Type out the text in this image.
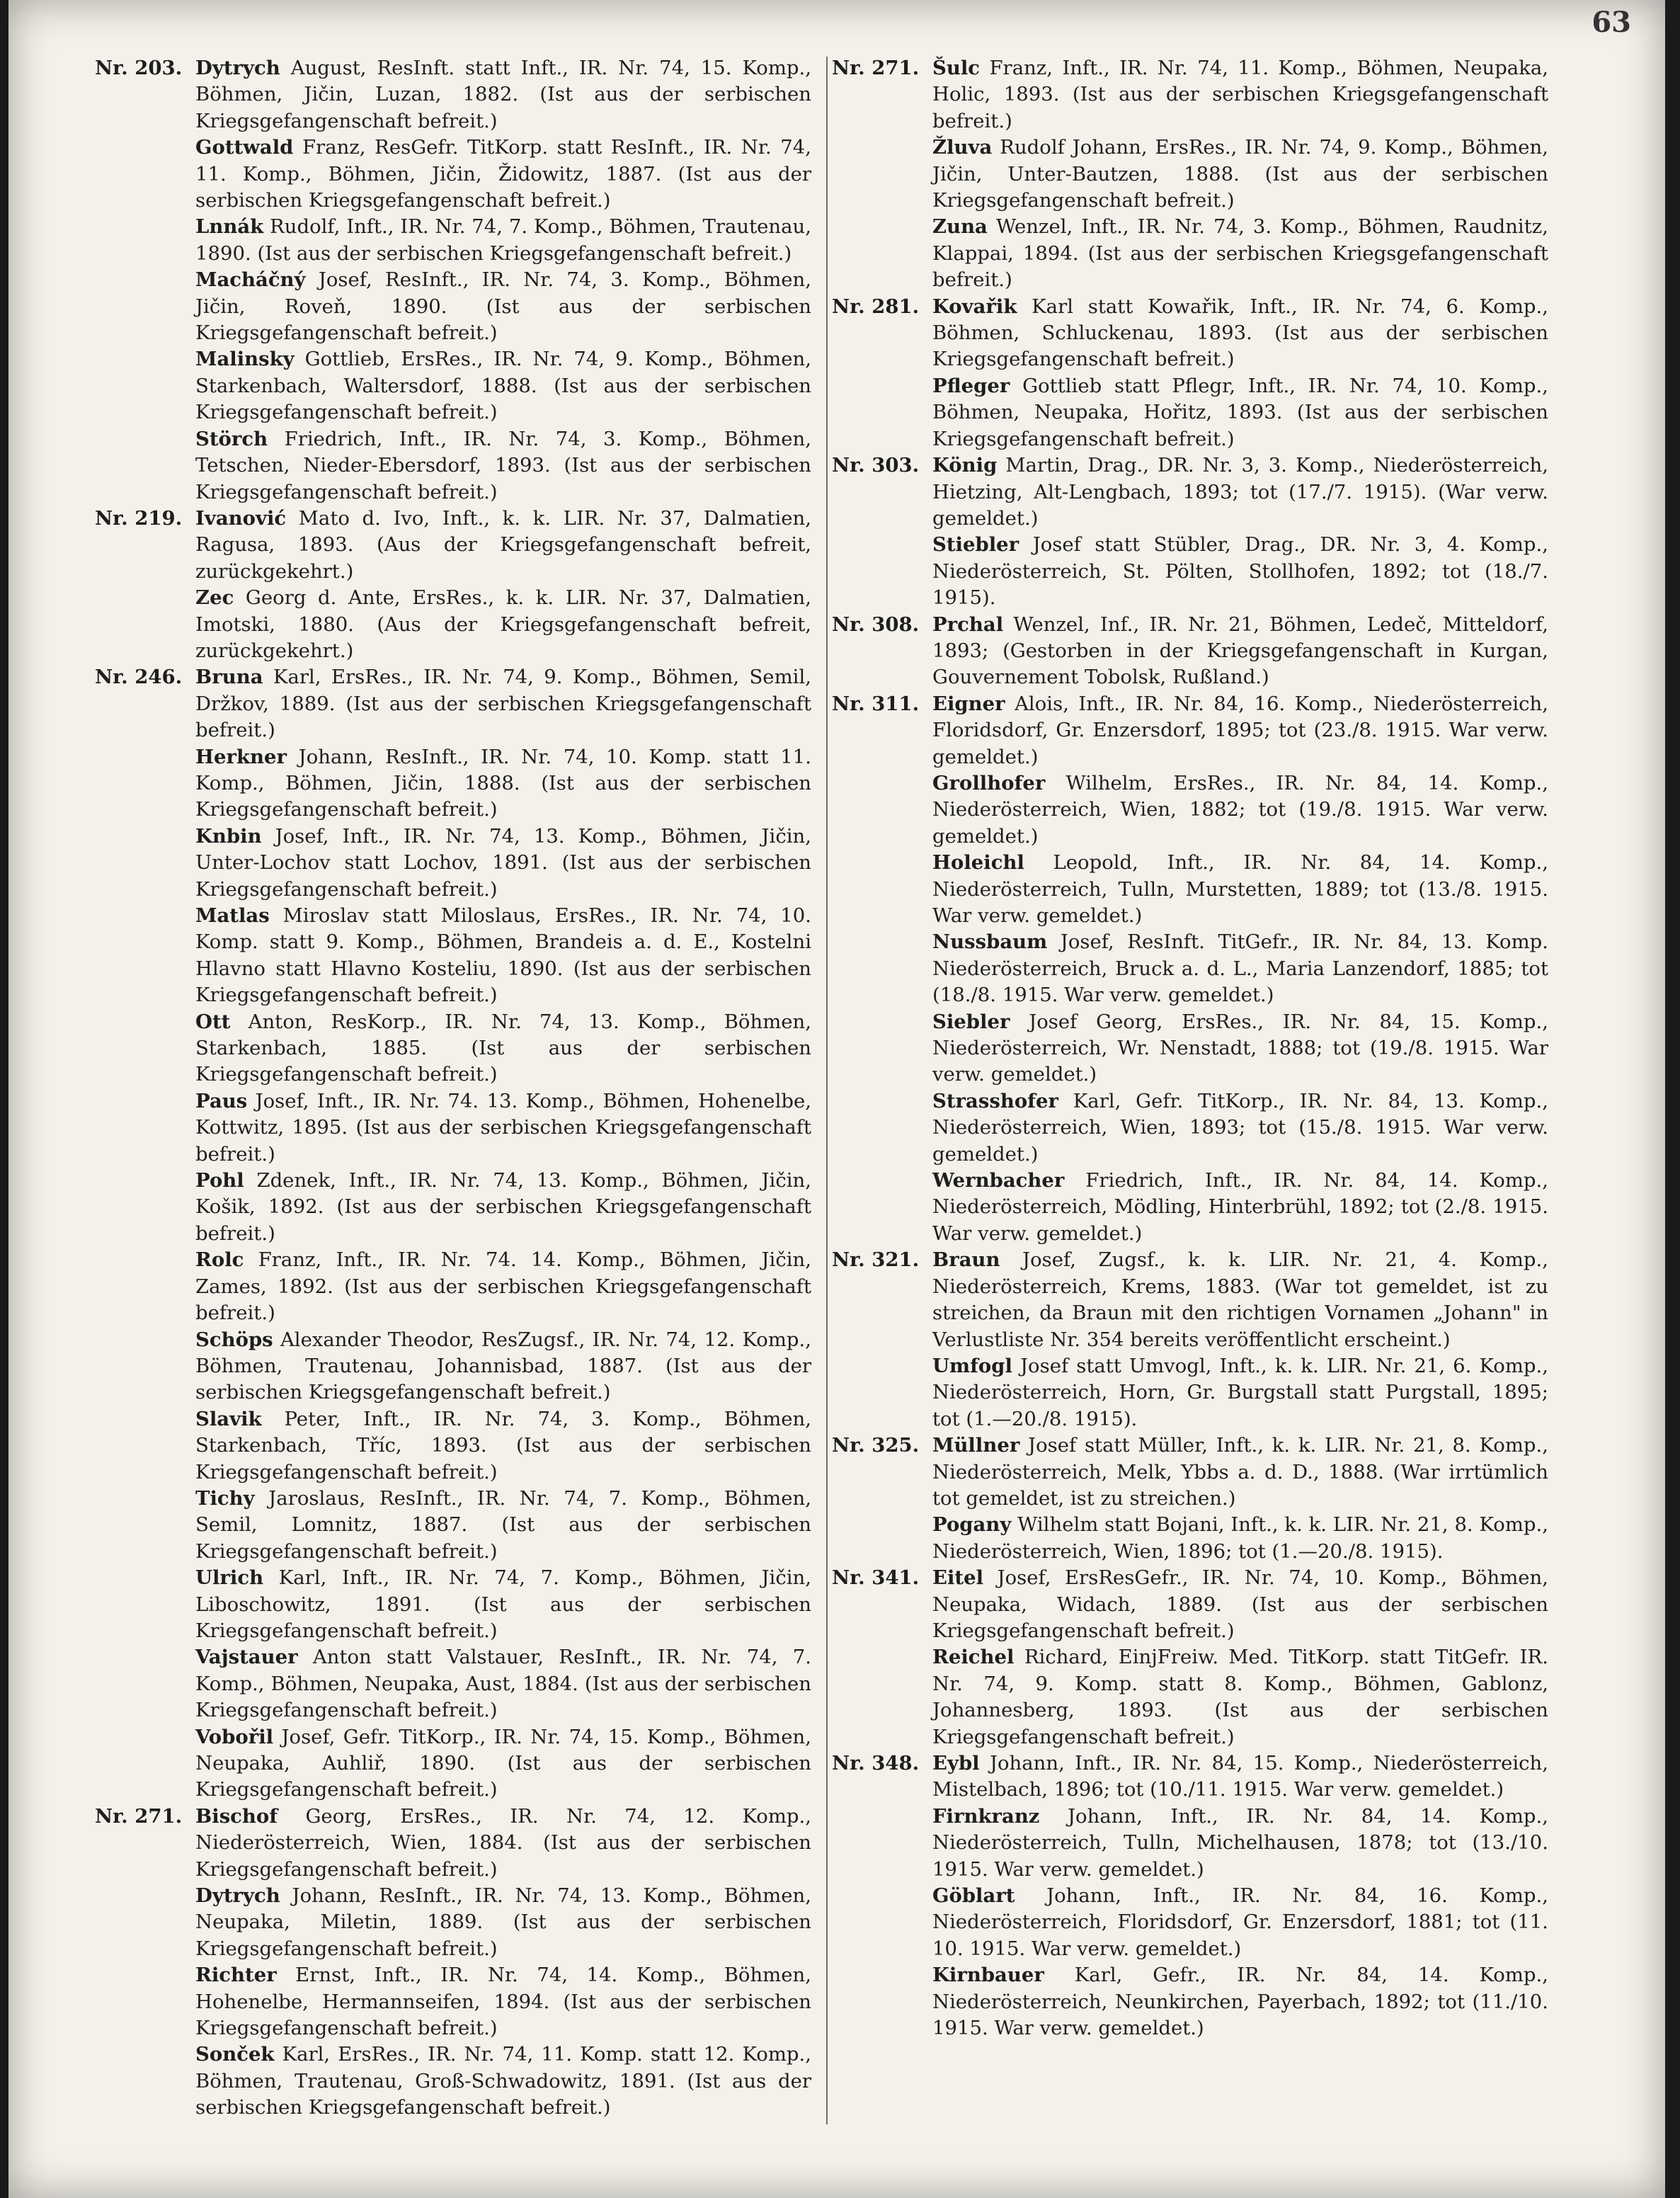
63
Nr. 203. Dytrych August, ResInft. statt Inft., IR. Nr. 74, 15. Komp., Böhmen, Jičin, Luzan, 1882. (Ist aus der serbischen Kriegsgefangenschaft befreit.)

Gottwald Franz, ResGefr. TitKorp. statt ResInft., IR. Nr. 74, 11. Komp., Böhmen, Jičin, Židowitz, 1887. (Ist aus der serbischen Kriegsgefangenschaft befreit.)

Lnnák Rudolf, Inft., IR. Nr. 74, 7. Komp., Böhmen, Trautenau, 1890. (Ist aus der serbischen Kriegsgefangenschaft befreit.)

Macháčný Josef, ResInft., IR. Nr. 74, 3. Komp., Böhmen, Jičin, Roveň, 1890. (Ist aus der serbischen Kriegsgefangenschaft befreit.)

Malinsky Gottlieb, ErsRes., IR. Nr. 74, 9. Komp., Böhmen, Starkenbach, Waltersdorf, 1888. (Ist aus der serbischen Kriegsgefangenschaft befreit.)

Störch Friedrich, Inft., IR. Nr. 74, 3. Komp., Böhmen, Tetschen, Nieder-Ebersdorf, 1893. (Ist aus der serbischen Kriegsgefangenschaft befreit.)

Nr. 219. Ivanović Mato d. Ivo, Inft., k. k. LIR. Nr. 37, Dalmatien, Ragusa, 1893. (Aus der Kriegsgefangenschaft befreit, zurückgekehrt.)

Zec Georg d. Ante, ErsRes., k. k. LIR. Nr. 37, Dalmatien, Imotski, 1880. (Aus der Kriegsgefangenschaft befreit, zurückgekehrt.)

Nr. 246. Bruna Karl, ErsRes., IR. Nr. 74, 9. Komp., Böhmen, Semil, Držkov, 1889. (Ist aus der serbischen Kriegsgefangenschaft befreit.)

Herkner Johann, ResInft., IR. Nr. 74, 10. Komp. statt 11. Komp., Böhmen, Jičin, 1888. (Ist aus der serbischen Kriegsgefangenschaft befreit.)

Knbin Josef, Inft., IR. Nr. 74, 13. Komp., Böhmen, Jičin, Unter-Lochov statt Lochov, 1891. (Ist aus der serbischen Kriegsgefangenschaft befreit.)

Matlas Miroslav statt Miloslaus, ErsRes., IR. Nr. 74, 10. Komp. statt 9. Komp., Böhmen, Brandeis a. d. E., Kostelni Hlavno statt Hlavno Kosteliu, 1890. (Ist aus der serbischen Kriegsgefangenschaft befreit.)

Ott Anton, ResKorp., IR. Nr. 74, 13. Komp., Böhmen, Starkenbach, 1885. (Ist aus der serbischen Kriegsgefangenschaft befreit.)

Paus Josef, Inft., IR. Nr. 74. 13. Komp., Böhmen, Hohenelbe, Kottwitz, 1895. (Ist aus der serbischen Kriegsgefangenschaft befreit.)

Pohl Zdenek, Inft., IR. Nr. 74, 13. Komp., Böhmen, Jičin, Košik, 1892. (Ist aus der serbischen Kriegsgefangenschaft befreit.)

Rolc Franz, Inft., IR. Nr. 74. 14. Komp., Böhmen, Jičin, Zames, 1892. (Ist aus der serbischen Kriegsgefangenschaft befreit.)

Schöps Alexander Theodor, ResZugsf., IR. Nr. 74, 12. Komp., Böhmen, Trautenau, Johannisbad, 1887. (Ist aus der serbischen Kriegsgefangenschaft befreit.)

Slavik Peter, Inft., IR. Nr. 74, 3. Komp., Böhmen, Starkenbach, Tříc, 1893. (Ist aus der serbischen Kriegsgefangenschaft befreit.)

Tichy Jaroslaus, ResInft., IR. Nr. 74, 7. Komp., Böhmen, Semil, Lomnitz, 1887. (Ist aus der serbischen Kriegsgefangenschaft befreit.)

Ulrich Karl, Inft., IR. Nr. 74, 7. Komp., Böhmen, Jičin, Liboschowitz, 1891. (Ist aus der serbischen Kriegsgefangenschaft befreit.)

Vajstauer Anton statt Valstauer, ResInft., IR. Nr. 74, 7. Komp., Böhmen, Neupaka, Aust, 1884. (Ist aus der serbischen Kriegsgefangenschaft befreit.)

Vobořil Josef, Gefr. TitKorp., IR. Nr. 74, 15. Komp., Böhmen, Neupaka, Auhliř, 1890. (Ist aus der serbischen Kriegsgefangenschaft befreit.)

Nr. 271. Bischof Georg, ErsRes., IR. Nr. 74, 12. Komp., Niederösterreich, Wien, 1884. (Ist aus der serbischen Kriegsgefangenschaft befreit.)

Dytrych Johann, ResInft., IR. Nr. 74, 13. Komp., Böhmen, Neupaka, Miletin, 1889. (Ist aus der serbischen Kriegsgefangenschaft befreit.)

Richter Ernst, Inft., IR. Nr. 74, 14. Komp., Böhmen, Hohenelbe, Hermannseifen, 1894. (Ist aus der serbischen Kriegsgefangenschaft befreit.)

Sonček Karl, ErsRes., IR. Nr. 74, 11. Komp. statt 12. Komp., Böhmen, Trautenau, Groß-Schwadowitz, 1891. (Ist aus der serbischen Kriegsgefangenschaft befreit.)

Nr. 271. Šulc Franz, Inft., IR. Nr. 74, 11. Komp., Böhmen, Neupaka, Holic, 1893. (Ist aus der serbischen Kriegsgefangenschaft befreit.)

Žluva Rudolf Johann, ErsRes., IR. Nr. 74, 9. Komp., Böhmen, Jičin, Unter-Bautzen, 1888. (Ist aus der serbischen Kriegsgefangenschaft befreit.)

Zuna Wenzel, Inft., IR. Nr. 74, 3. Komp., Böhmen, Raudnitz, Klappai, 1894. (Ist aus der serbischen Kriegsgefangenschaft befreit.)

Nr. 281. Kovařik Karl statt Kowařik, Inft., IR. Nr. 74, 6. Komp., Böhmen, Schluckenau, 1893. (Ist aus der serbischen Kriegsgefangenschaft befreit.)

Pfleger Gottlieb statt Pflegr, Inft., IR. Nr. 74, 10. Komp., Böhmen, Neupaka, Hořitz, 1893. (Ist aus der serbischen Kriegsgefangenschaft befreit.)

Nr. 303. König Martin, Drag., DR. Nr. 3, 3. Komp., Niederösterreich, Hietzing, Alt-Lengbach, 1893; tot (17./7. 1915). (War verw. gemeldet.)

Stiebler Josef statt Stübler, Drag., DR. Nr. 3, 4. Komp., Niederösterreich, St. Pölten, Stollhofen, 1892; tot (18./7. 1915).

Nr. 308. Prchal Wenzel, Inf., IR. Nr. 21, Böhmen, Ledeč, Mitteldorf, 1893; (Gestorben in der Kriegsgefangenschaft in Kurgan, Gouvernement Tobolsk, Rußland.)

Nr. 311. Eigner Alois, Inft., IR. Nr. 84, 16. Komp., Niederösterreich, Floridsdorf, Gr. Enzersdorf, 1895; tot (23./8. 1915. War verw. gemeldet.)

Grollhofer Wilhelm, ErsRes., IR. Nr. 84, 14. Komp., Niederösterreich, Wien, 1882; tot (19./8. 1915. War verw. gemeldet.)

Holeichl Leopold, Inft., IR. Nr. 84, 14. Komp., Niederösterreich, Tulln, Murstetten, 1889; tot (13./8. 1915. War verw. gemeldet.)

Nussbaum Josef, ResInft. TitGefr., IR. Nr. 84, 13. Komp. Niederösterreich, Bruck a. d. L., Maria Lanzendorf, 1885; tot (18./8. 1915. War verw. gemeldet.)

Siebler Josef Georg, ErsRes., IR. Nr. 84, 15. Komp., Niederösterreich, Wr. Nenstadt, 1888; tot (19./8. 1915. War verw. gemeldet.)

Strasshofer Karl, Gefr. TitKorp., IR. Nr. 84, 13. Komp., Niederösterreich, Wien, 1893; tot (15./8. 1915. War verw. gemeldet.)

Wernbacher Friedrich, Inft., IR. Nr. 84, 14. Komp., Niederösterreich, Mödling, Hinterbrühl, 1892; tot (2./8. 1915. War verw. gemeldet.)

Nr. 321. Braun Josef, Zugsf., k. k. LIR. Nr. 21, 4. Komp., Niederösterreich, Krems, 1883. (War tot gemeldet, ist zu streichen, da Braun mit den richtigen Vornamen „Johann" in Verlustliste Nr. 354 bereits veröffentlicht erscheint.)

Umfogl Josef statt Umvogl, Inft., k. k. LIR. Nr. 21, 6. Komp., Niederösterreich, Horn, Gr. Burgstall statt Purgstall, 1895; tot (1.—20./8. 1915).

Nr. 325. Müllner Josef statt Müller, Inft., k. k. LIR. Nr. 21, 8. Komp., Niederösterreich, Melk, Ybbs a. d. D., 1888. (War irrtümlich tot gemeldet, ist zu streichen.)

Pogany Wilhelm statt Bojani, Inft., k. k. LIR. Nr. 21, 8. Komp., Niederösterreich, Wien, 1896; tot (1.—20./8. 1915).

Nr. 341. Eitel Josef, ErsResGefr., IR. Nr. 74, 10. Komp., Böhmen, Neupaka, Widach, 1889. (Ist aus der serbischen Kriegsgefangenschaft befreit.)

Reichel Richard, EinjFreiw. Med. TitKorp. statt TitGefr. IR. Nr. 74, 9. Komp. statt 8. Komp., Böhmen, Gablonz, Johannesberg, 1893. (Ist aus der serbischen Kriegsgefangenschaft befreit.)

Nr. 348. Eybl Johann, Inft., IR. Nr. 84, 15. Komp., Niederösterreich, Mistelbach, 1896; tot (10./11. 1915. War verw. gemeldet.)

Firnkranz Johann, Inft., IR. Nr. 84, 14. Komp., Niederösterreich, Tulln, Michelhausen, 1878; tot (13./10. 1915. War verw. gemeldet.)

Göblart Johann, Inft., IR. Nr. 84, 16. Komp., Niederösterreich, Floridsdorf, Gr. Enzersdorf, 1881; tot (11. 10. 1915. War verw. gemeldet.)

Kirnbauer Karl, Gefr., IR. Nr. 84, 14. Komp., Niederösterreich, Neunkirchen, Payerbach, 1892; tot (11./10. 1915. War verw. gemeldet.)
